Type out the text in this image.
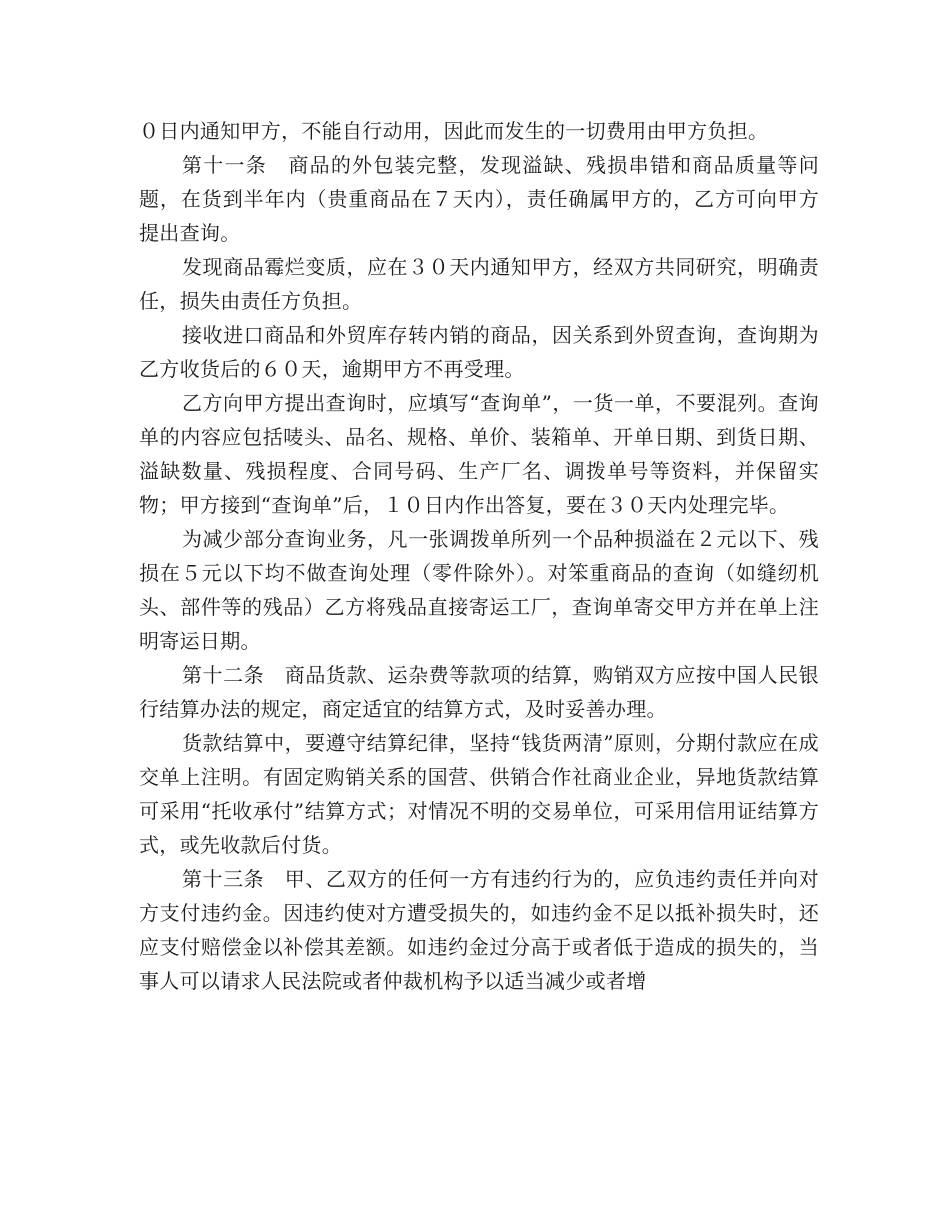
０日内通知甲方，不能自行动用，因此而发生的一切费用由甲方负担。

第十一条　商品的外包装完整，发现溢缺、残损串错和商品质量等问题，在货到半年内（贵重商品在７天内），责任确属甲方的，乙方可向甲方提出查询。

发现商品霉烂变质，应在３０天内通知甲方，经双方共同研究，明确责任，损失由责任方负担。

接收进口商品和外贸库存转内销的商品，因关系到外贸查询，查询期为乙方收货后的６０天，逾期甲方不再受理。

乙方向甲方提出查询时，应填写“查询单”，一货一单，不要混列。查询单的内容应包括唛头、品名、规格、单价、装箱单、开单日期、到货日期、溢缺数量、残损程度、合同号码、生产厂名、调拨单号等资料，并保留实物；甲方接到“查询单”后，１０日内作出答复，要在３０天内处理完毕。

为减少部分查询业务，凡一张调拨单所列一个品种损溢在２元以下、残损在５元以下均不做查询处理（零件除外）。对笨重商品的查询（如缝纫机头、部件等的残品）乙方将残品直接寄运工厂，查询单寄交甲方并在单上注明寄运日期。

第十二条　商品货款、运杂费等款项的结算，购销双方应按中国人民银行结算办法的规定，商定适宜的结算方式，及时妥善办理。

货款结算中，要遵守结算纪律，坚持“钱货两清”原则，分期付款应在成交单上注明。有固定购销关系的国营、供销合作社商业企业，异地货款结算可采用“托收承付”结算方式；对情况不明的交易单位，可采用信用证结算方式，或先收款后付货。

第十三条　甲、乙双方的任何一方有违约行为的，应负违约责任并向对方支付违约金。因违约使对方遭受损失的，如违约金不足以抵补损失时，还应支付赔偿金以补偿其差额。如违约金过分高于或者低于造成的损失的，当事人可以请求人民法院或者仲裁机构予以适当减少或者增
